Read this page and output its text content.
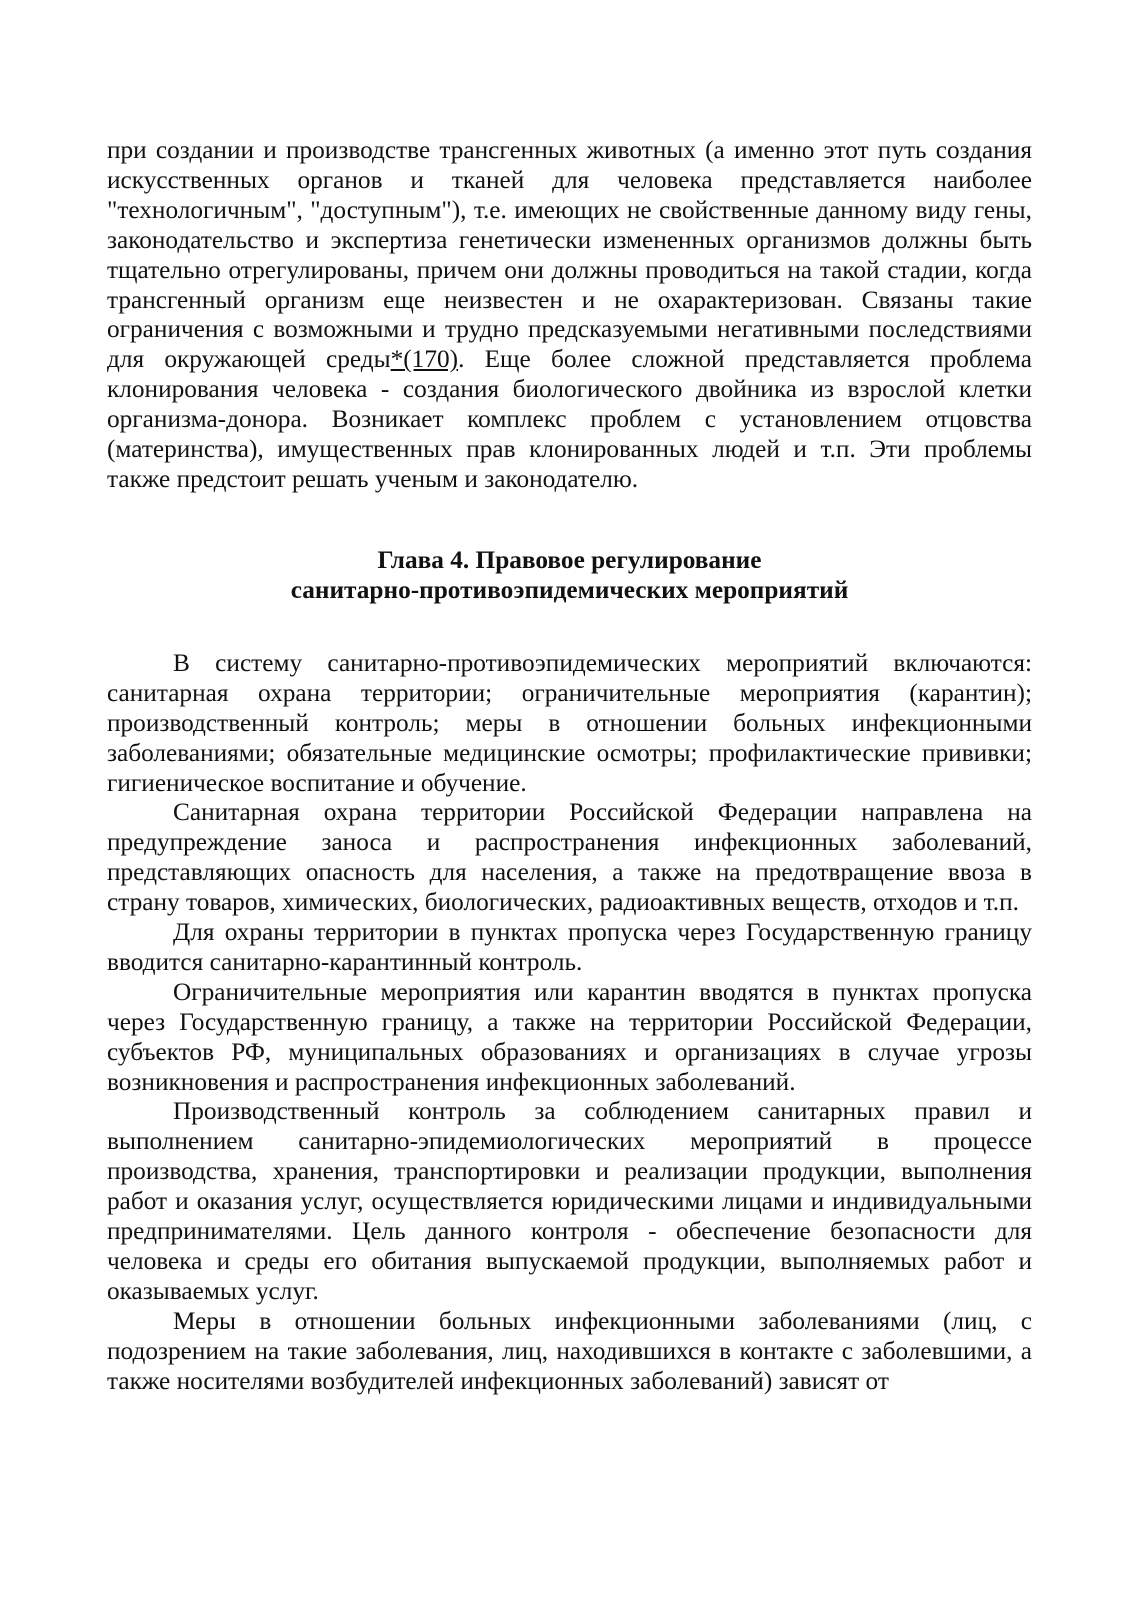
при создании и производстве трансгенных животных (а именно этот путь создания искусственных органов и тканей для человека представляется наиболее "технологичным", "доступным"), т.е. имеющих не свойственные данному виду гены, законодательство и экспертиза генетически измененных организмов должны быть тщательно отрегулированы, причем они должны проводиться на такой стадии, когда трансгенный организм еще неизвестен и не охарактеризован. Связаны такие ограничения с возможными и трудно предсказуемыми негативными последствиями для окружающей среды*(170). Еще более сложной представляется проблема клонирования человека - создания биологического двойника из взрослой клетки организма-донора. Возникает комплекс проблем с установлением отцовства (материнства), имущественных прав клонированных людей и т.п. Эти проблемы также предстоит решать ученым и законодателю.

Глава 4. Правовое регулирование
санитарно-противоэпидемических мероприятий

В систему санитарно-противоэпидемических мероприятий включаются: санитарная охрана территории; ограничительные мероприятия (карантин); производственный контроль; меры в отношении больных инфекционными заболеваниями; обязательные медицинские осмотры; профилактические прививки; гигиеническое воспитание и обучение.

Санитарная охрана территории Российской Федерации направлена на предупреждение заноса и распространения инфекционных заболеваний, представляющих опасность для населения, а также на предотвращение ввоза в страну товаров, химических, биологических, радиоактивных веществ, отходов и т.п.

Для охраны территории в пунктах пропуска через Государственную границу вводится санитарно-карантинный контроль.

Ограничительные мероприятия или карантин вводятся в пунктах пропуска через Государственную границу, а также на территории Российской Федерации, субъектов РФ, муниципальных образованиях и организациях в случае угрозы возникновения и распространения инфекционных заболеваний.

Производственный контроль за соблюдением санитарных правил и выполнением санитарно-эпидемиологических мероприятий в процессе производства, хранения, транспортировки и реализации продукции, выполнения работ и оказания услуг, осуществляется юридическими лицами и индивидуальными предпринимателями. Цель данного контроля - обеспечение безопасности для человека и среды его обитания выпускаемой продукции, выполняемых работ и оказываемых услуг.

Меры в отношении больных инфекционными заболеваниями (лиц, с подозрением на такие заболевания, лиц, находившихся в контакте с заболевшими, а также носителями возбудителей инфекционных заболеваний) зависят от
